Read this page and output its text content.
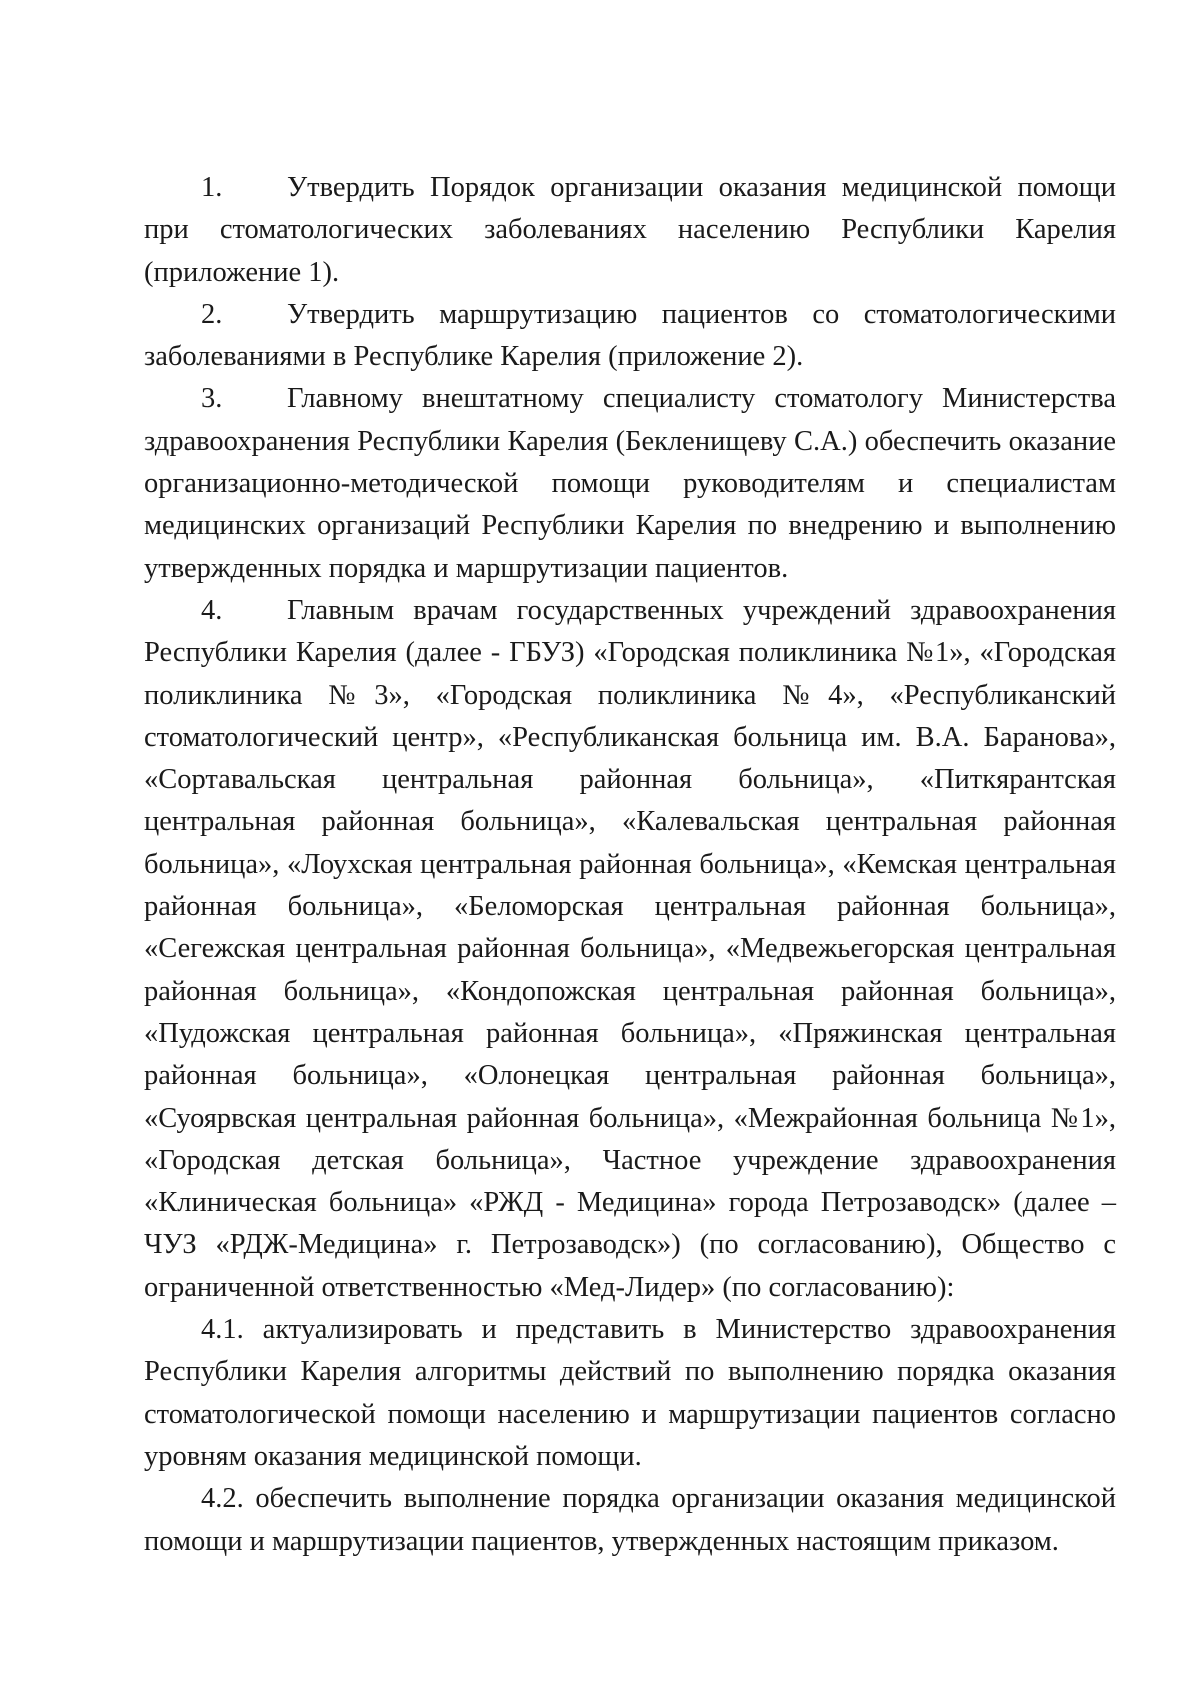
1. Утвердить Порядок организации оказания медицинской помощи при стоматологических заболеваниях населению Республики Карелия (приложение 1).

2. Утвердить маршрутизацию пациентов со стоматологическими заболеваниями в Республике Карелия (приложение 2).

3. Главному внештатному специалисту стоматологу Министерства здравоохранения Республики Карелия (Бекленищеву С.А.) обеспечить оказание организационно-методической помощи руководителям и специалистам медицинских организаций Республики Карелия по внедрению и выполнению утвержденных порядка и маршрутизации пациентов.

4. Главным врачам государственных учреждений здравоохранения Республики Карелия (далее - ГБУЗ) «Городская поликлиника №1», «Городская поликлиника №3», «Городская поликлиника №4», «Республиканский стоматологический центр», «Республиканская больница им. В.А. Баранова», «Сортавальская центральная районная больница», «Питкярантская центральная районная больница», «Калевальская центральная районная больница», «Лоухская центральная районная больница», «Кемская центральная районная больница», «Беломорская центральная районная больница», «Сегежская центральная районная больница», «Медвежьегорская центральная районная больница», «Кондопожская центральная районная больница», «Пудожская центральная районная больница», «Пряжинская центральная районная больница», «Олонецкая центральная районная больница», «Суоярвская центральная районная больница», «Межрайонная больница №1», «Городская детская больница», Частное учреждение здравоохранения «Клиническая больница» «РЖД - Медицина» города Петрозаводск» (далее – ЧУЗ «РДЖ-Медицина» г. Петрозаводск») (по согласованию), Общество с ограниченной ответственностью «Мед-Лидер» (по согласованию):

4.1. актуализировать и представить в Министерство здравоохранения Республики Карелия алгоритмы действий по выполнению порядка оказания стоматологической помощи населению и маршрутизации пациентов согласно уровням оказания медицинской помощи.

4.2. обеспечить выполнение порядка организации оказания медицинской помощи и маршрутизации пациентов, утвержденных настоящим приказом.
